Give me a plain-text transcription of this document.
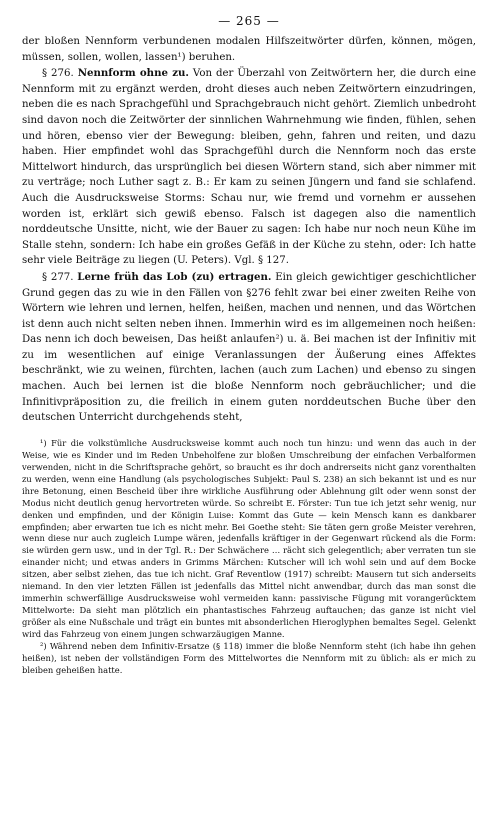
— 265 —

der bloßen Nennform verbundenen modalen Hilfszeitwörter dürfen, können, mögen, müssen, sollen, wollen, lassen¹) beruhen.

§ 276. Nennform ohne zu. Von der Überzahl von Zeitwörtern her, die durch eine Nennform mit zu ergänzt werden, droht dieses auch neben Zeitwörtern einzudringen, neben die es nach Sprachgefühl und Sprachgebrauch nicht gehört. Ziemlich unbedroht sind davon noch die Zeitwörter der sinnlichen Wahrnehmung wie finden, fühlen, sehen und hören, ebenso vier der Bewegung: bleiben, gehn, fahren und reiten, und dazu haben. Hier empfindet wohl das Sprachgefühl durch die Nennform noch das erste Mittelwort hindurch, das ursprünglich bei diesen Wörtern stand, sich aber nimmer mit zu verträge; noch Luther sagt z. B.: Er kam zu seinen Jüngern und fand sie schlafend. Auch die Ausdrucksweise Storms: Schau nur, wie fremd und vornehm er aussehen worden ist, erklärt sich gewiß ebenso. Falsch ist dagegen also die namentlich norddeutsche Unsitte, nicht, wie der Bauer zu sagen: Ich habe nur noch neun Kühe im Stalle stehn, sondern: Ich habe ein großes Gefäß in der Küche zu stehn, oder: Ich hatte sehr viele Beiträge zu liegen (U. Peters). Vgl. § 127.

§ 277. Lerne früh das Lob (zu) ertragen. Ein gleich gewichtiger geschichtlicher Grund gegen das zu wie in den Fällen von §276 fehlt zwar bei einer zweiten Reihe von Wörtern wie lehren und lernen, helfen, heißen, machen und nennen, und das Wörtchen ist denn auch nicht selten neben ihnen. Immerhin wird es im allgemeinen noch heißen: Das nenn ich doch beweisen, Das heißt anlaufen²) u. ä. Bei machen ist der Infinitiv mit zu im wesentlichen auf einige Veranlassungen der Äußerung eines Affektes beschränkt, wie zu weinen, fürchten, lachen (auch zum Lachen) und ebenso zu singen machen. Auch bei lernen ist die bloße Nennform noch gebräuchlicher; und die Infinitivpräposition zu, die freilich in einem guten norddeutschen Buche über den deutschen Unterricht durchgehends steht,

¹) Für die volkstümliche Ausdrucksweise kommt auch noch tun hinzu: und wenn das auch in der Weise, wie es Kinder und im Reden Unbeholfene zur bloßen Umschreibung der einfachen Verbalformen verwenden, nicht in die Schriftsprache gehört, so braucht es ihr doch andrerseits nicht ganz vorenthalten zu werden, wenn eine Handlung (als psychologisches Subjekt: Paul S. 238) an sich bekannt ist und es nur ihre Betonung, einen Bescheid über ihre wirkliche Ausführung oder Ablehnung gilt oder wenn sonst der Modus nicht deutlich genug hervortreten würde. So schreibt E. Förster: Tun tue ich jetzt sehr wenig, nur denken und empfinden, und der Königin Luise: Kommt das Gute — kein Mensch kann es dankbarer empfinden; aber erwarten tue ich es nicht mehr. Bei Goethe steht: Sie täten gern große Meister verehren, wenn diese nur auch zugleich Lumpe wären, jedenfalls kräftiger in der Gegenwart rückend als die Form: sie würden gern usw., und in der Tgl. R.: Der Schwächere … rächt sich gelegentlich; aber verraten tun sie einander nicht; und etwas anders in Grimms Märchen: Kutscher will ich wohl sein und auf dem Bocke sitzen, aber selbst ziehen, das tue ich nicht. Graf Reventlow (1917) schreibt: Mausern tut sich anderseits niemand. In den vier letzten Fällen ist jedenfalls das Mittel nicht anwendbar, durch das man sonst die immerhin schwerfällige Ausdrucksweise wohl vermeiden kann: passivische Fügung mit vorangerücktem Mittelworte: Da sieht man plötzlich ein phantastisches Fahrzeug auftauchen; das ganze ist nicht viel größer als eine Nußschale und trägt ein buntes mit absonderlichen Hieroglyphen bemaltes Segel. Gelenkt wird das Fahrzeug von einem jungen schwarzäugigen Manne.

²) Während neben dem Infinitiv-Ersatze (§ 118) immer die bloße Nennform steht (ich habe ihn gehen heißen), ist neben der vollständigen Form des Mittelwortes die Nennform mit zu üblich: als er mich zu bleiben geheißen hatte.
